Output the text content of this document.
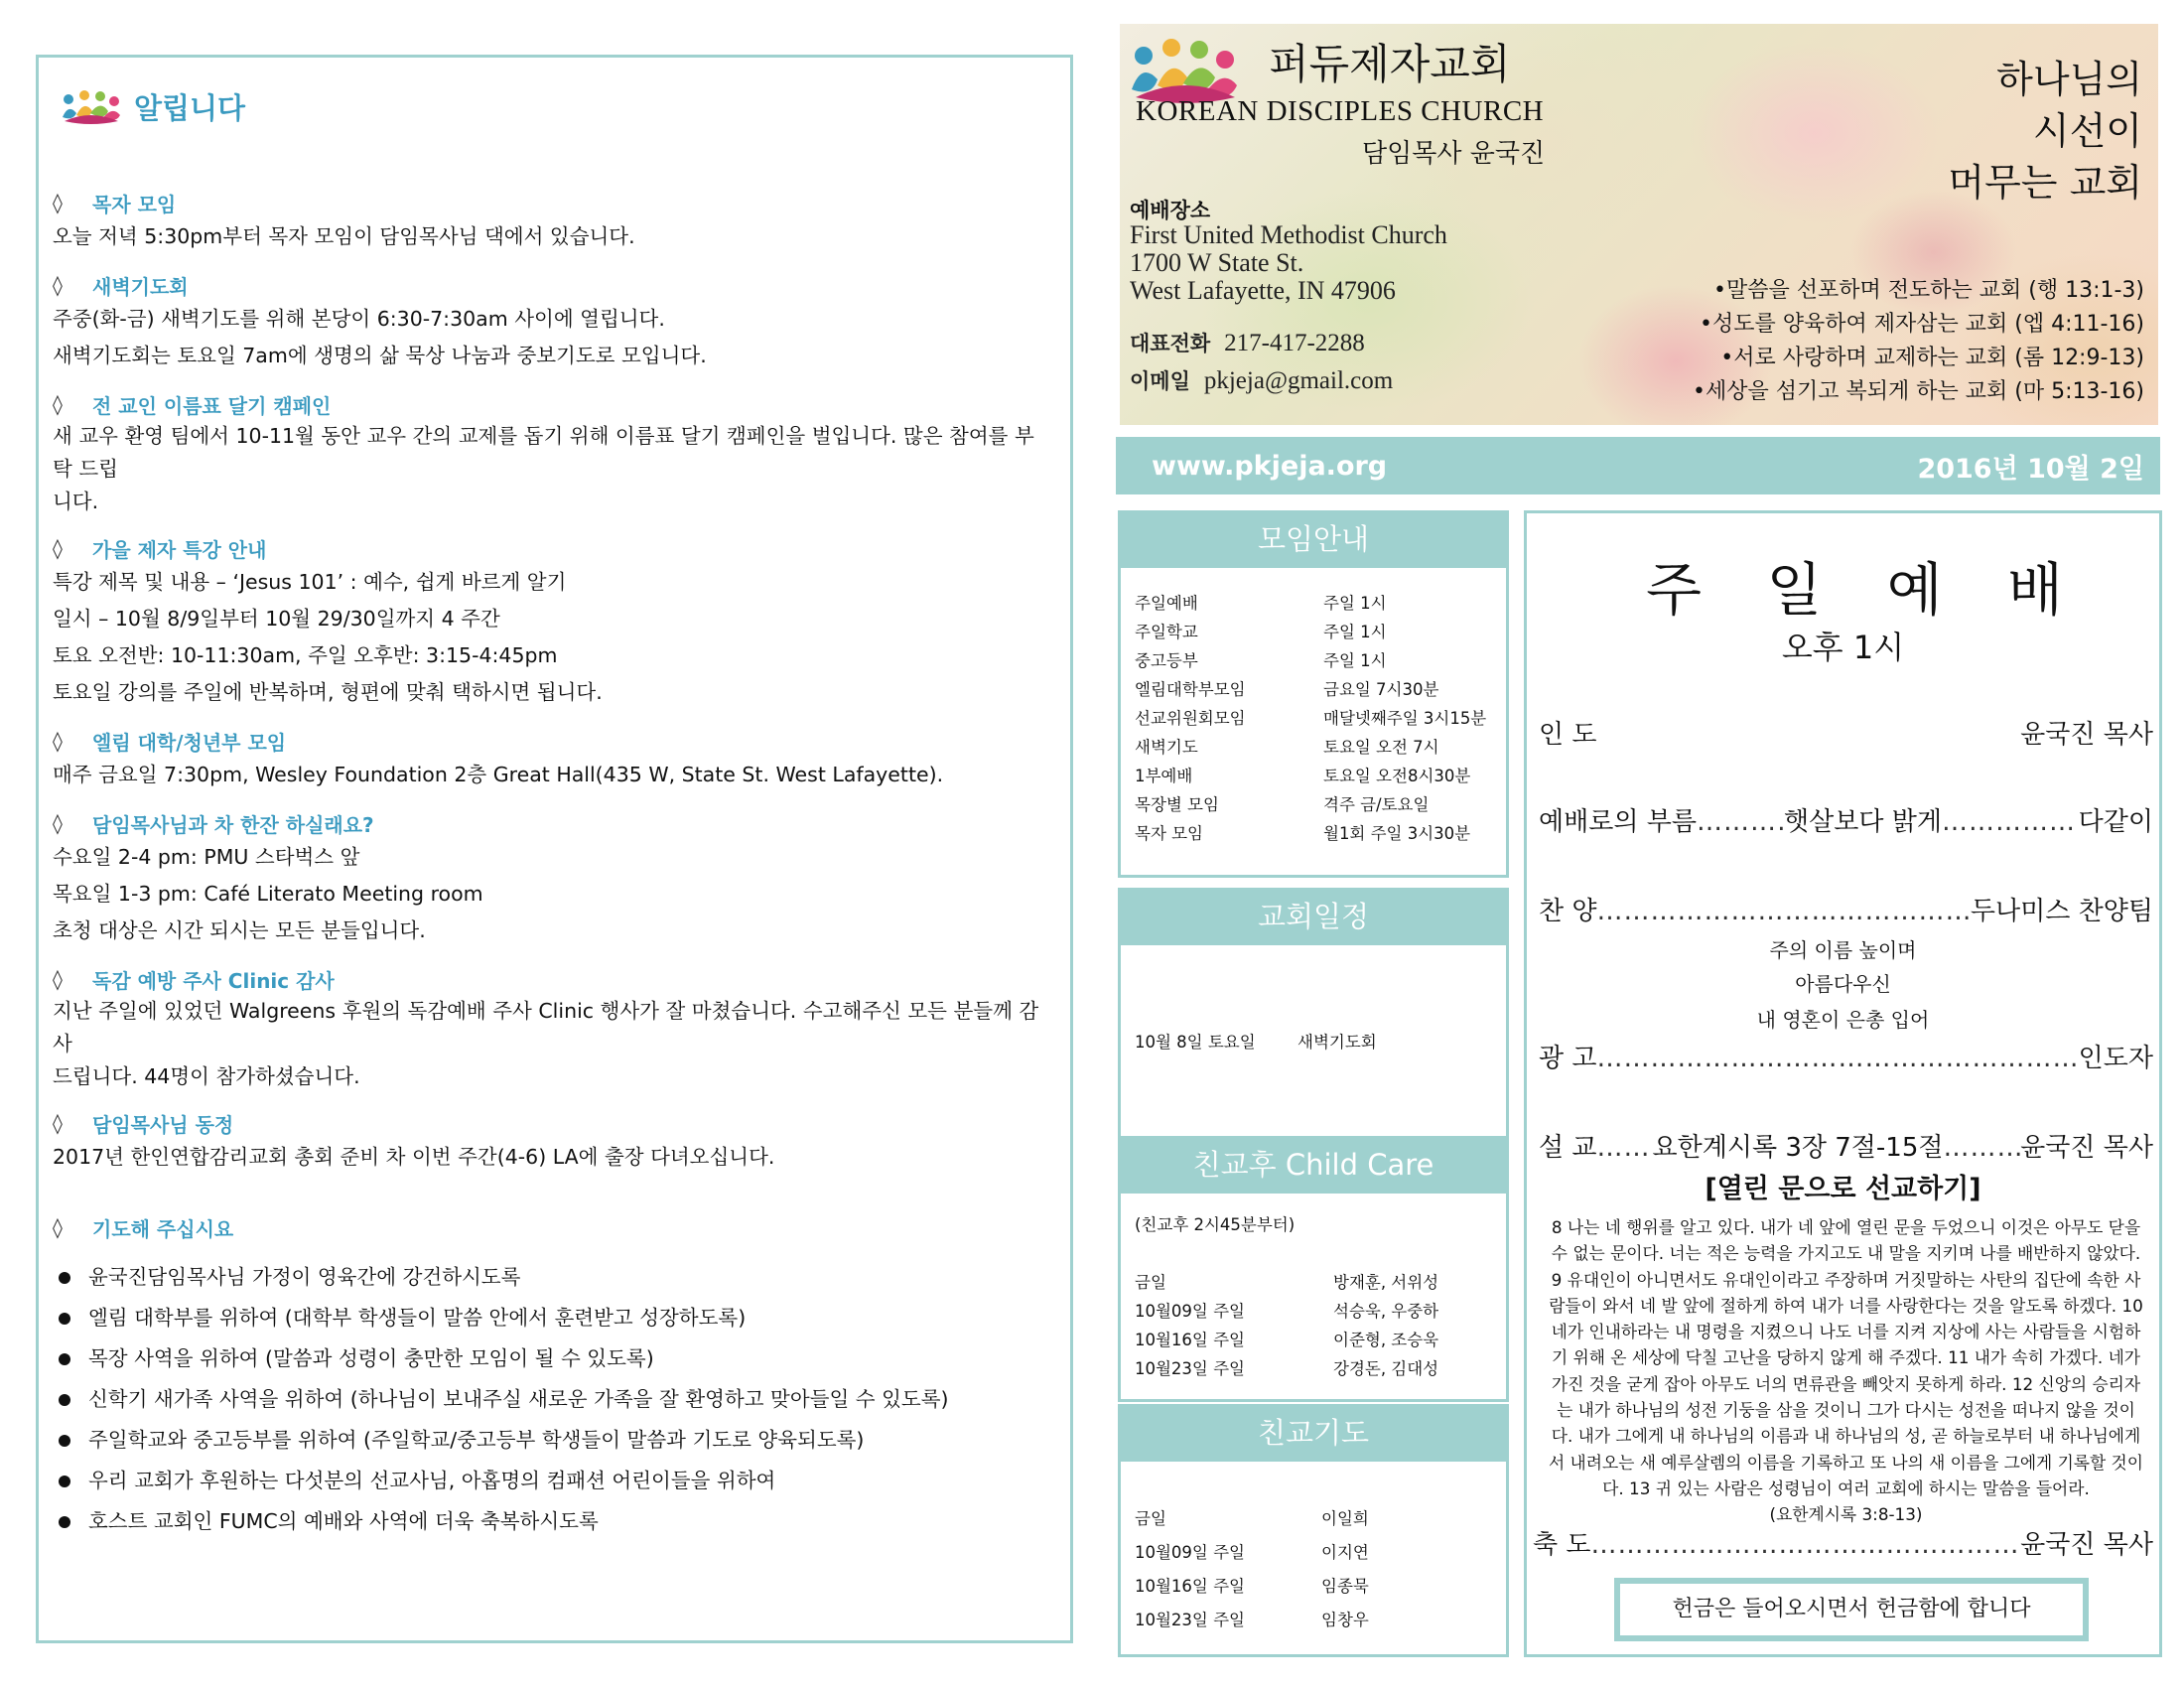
알립니다
◊	목자 모임
오늘 저녁 5:30pm부터 목자 모임이 담임목사님 댁에서 있습니다.
◊	새벽기도회
주중(화-금) 새벽기도를 위해 본당이 6:30-7:30am 사이에 열립니다.
새벽기도회는 토요일 7am에 생명의 삶 묵상 나눔과 중보기도로 모입니다.
◊	전 교인 이름표 달기 캠페인
새 교우 환영 팀에서 10-11월 동안 교우 간의 교제를 돕기 위해 이름표 달기 캠페인을 벌입니다. 많은 참여를 부탁 드립
니다.
◊	가을 제자 특강 안내
특강 제목 및 내용 – ‘Jesus 101’ : 예수, 쉽게 바르게 알기
일시 – 10월 8/9일부터 10월 29/30일까지 4 주간
토요 오전반: 10-11:30am, 주일 오후반: 3:15-4:45pm
토요일 강의를 주일에 반복하며, 형편에 맞춰 택하시면 됩니다.
◊	엘림 대학/청년부 모임
매주 금요일 7:30pm, Wesley Foundation 2층 Great Hall(435 W, State St. West Lafayette).
◊	담임목사님과 차 한잔 하실래요?
수요일 2-4 pm: PMU 스타벅스 앞
목요일 1-3 pm: Café Literato Meeting room
초청 대상은 시간 되시는 모든 분들입니다.
◊	독감 예방 주사 Clinic 감사
지난 주일에 있었던 Walgreens 후원의 독감예배 주사 Clinic 행사가 잘 마쳤습니다. 수고해주신 모든 분들께 감사
드립니다. 44명이 참가하셨습니다.
◊	담임목사님 동정
2017년 한인연합감리교회 총회 준비 차 이번 주간(4-6) LA에 출장 다녀오십니다.
◊	기도해 주십시요
윤국진담임목사님 가정이 영육간에 강건하시도록
엘림 대학부를 위하여 (대학부 학생들이 말씀 안에서 훈련받고 성장하도록)
목장 사역을 위하여 (말씀과 성령이 충만한 모임이 될 수 있도록)
신학기 새가족 사역을 위하여 (하나님이 보내주실 새로운 가족을 잘 환영하고 맞아들일 수 있도록)
주일학교와 중고등부를 위하여 (주일학교/중고등부 학생들이 말씀과 기도로 양육되도록)
우리 교회가 후원하는 다섯분의 선교사님, 아홉명의 컴패션 어린이들을 위하여
호스트 교회인 FUMC의 예배와 사역에 더욱 축복하시도록
퍼듀제자교회
KOREAN DISCIPLES CHURCH
담임목사 윤국진
예배장소
First United Methodist Church
1700 W State St.
West Lafayette, IN 47906
대표전화 217-417-2288
이메일 pkjeja@gmail.com
하나님의
시선이
머무는 교회
•말씀을 선포하며 전도하는 교회 (행 13:1-3)
•성도를 양육하여 제자삼는 교회 (엡 4:11-16)
•서로 사랑하며 교제하는 교회 (롬 12:9-13)
•세상을 섬기고 복되게 하는 교회 (마 5:13-16)
www.pkjeja.org	2016년 10월 2일
모임안내
주일예배	주일 1시
주일학교	주일 1시
중고등부	주일 1시
엘림대학부모임	금요일 7시30분
선교위원회모임	매달넷째주일 3시15분
새벽기도	토요일 오전 7시
1부예배	토요일 오전8시30분
목장별 모임	격주 금/토요일
목자 모임	월1회 주일 3시30분
교회일정
10월 8일 토요일	새벽기도회
친교후 Child Care
(친교후 2시45분부터)
금일	방재훈, 서위성
10월09일 주일	석승욱, 우중하
10월16일 주일	이준형, 조승욱
10월23일 주일	강경돈, 김대성
친교기도
금일	이일희
10월09일 주일	이지연
10월16일 주일	임종묵
10월23일 주일	임창우
주 일 예 배
오후 1시
인 도	윤국진 목사
예배로의 부름 ………………………………………………………………………………………………	햇살보다 밝게 ………………………………………………………………………………………………	다같이
찬 양 ………………………………………………………………………………………………	두나미스 찬양팀
주의 이름 높이며
아름다우신
내 영혼이 은총 입어
광 고 ………………………………………………………………………………………………	인도자
설 교 ……………………………………………………………………………………………… 요한계시록 3장 7절-15절 ………………………………………………………………………………………………	윤국진 목사
[열린 문으로 선교하기]
8 나는 네 행위를 알고 있다. 내가 네 앞에 열린 문을 두었으니 이것은 아무도 닫을 수 없는 문이다. 너는 적은 능력을 가지고도 내 말을 지키며 나를 배반하지 않았다. 9 유대인이 아니면서도 유대인이라고 주장하며 거짓말하는 사탄의 집단에 속한 사람들이 와서 네 발 앞에 절하게 하여 내가 너를 사랑한다는 것을 알도록 하겠다. 10 네가 인내하라는 내 명령을 지켰으니 나도 너를 지켜 지상에 사는 사람들을 시험하기 위해 온 세상에 닥칠 고난을 당하지 않게 해 주겠다. 11 내가 속히 가겠다. 네가 가진 것을 굳게 잡아 아무도 너의 면류관을 빼앗지 못하게 하라. 12 신앙의 승리자는 내가 하나님의 성전 기둥을 삼을 것이니 그가 다시는 성전을 떠나지 않을 것이다. 내가 그에게 내 하나님의 이름과 내 하나님의 성, 곧 하늘로부터 내 하나님에게서 내려오는 새 예루살렘의 이름을 기록하고 또 나의 새 이름을 그에게 기록할 것이다. 13 귀 있는 사람은 성령님이 여러 교회에 하시는 말씀을 들어라.
(요한계시록 3:8-13)
축 도 ………………………………………………………………………………………………	윤국진 목사
헌금은 들어오시면서 헌금함에 합니다
